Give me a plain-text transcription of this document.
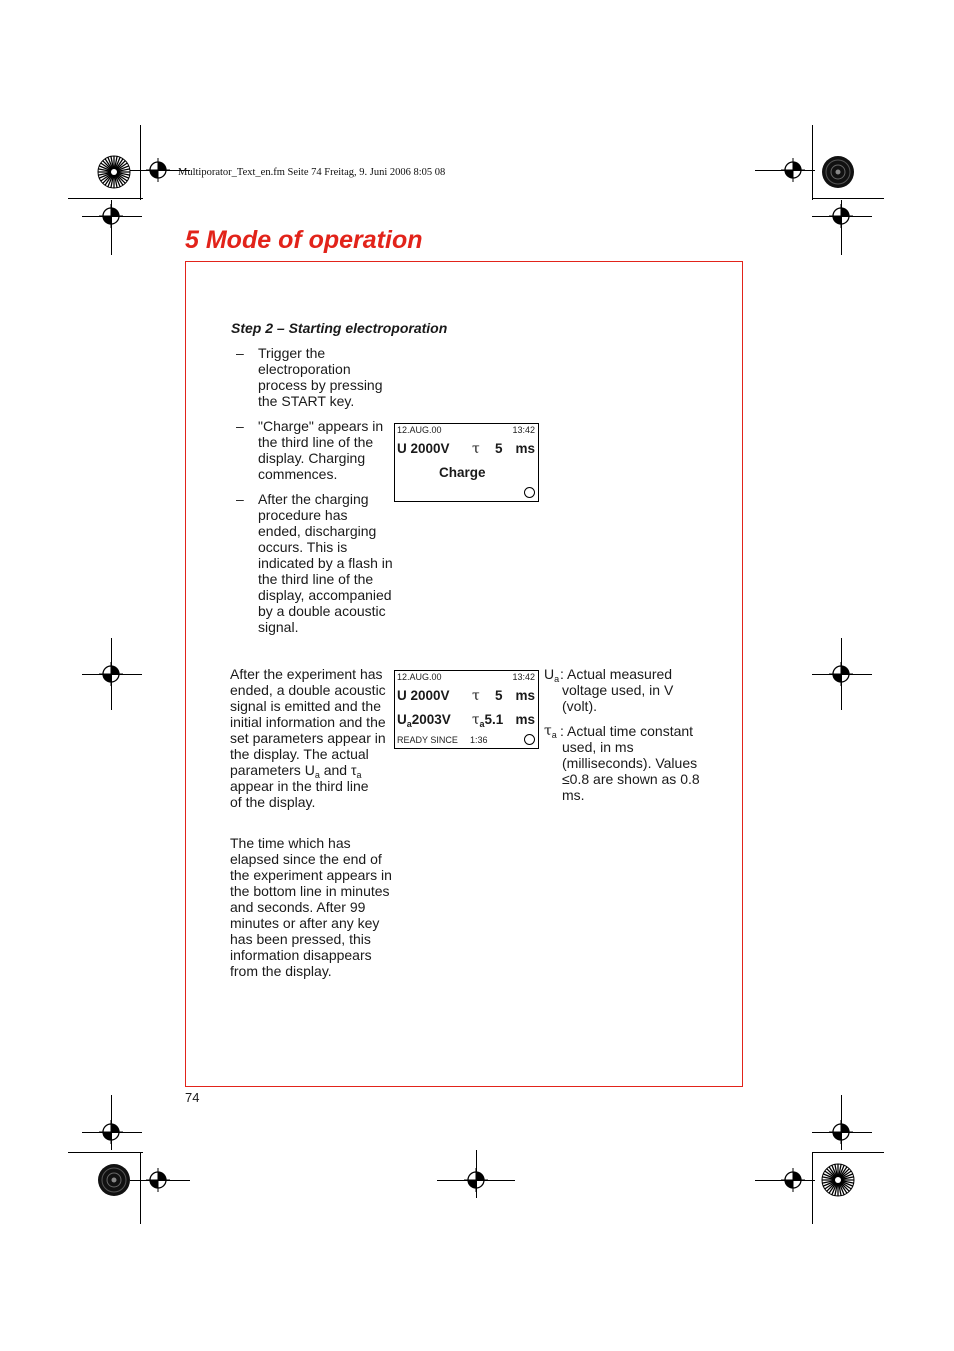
Multiporator_Text_en.fm Seite 74 Freitag, 9. Juni 2006 8:05 08
5 Mode of operation
Step 2 – Starting electroporation
– Trigger the electroporation process by pressing the START key.
– "Charge" appears in the third line of the display. Charging commences.
– After the charging procedure has ended, discharging occurs. This is indicated by a flash in the third line of the display, accompanied by a double acoustic signal.
12.AUG.00	13:42
U 2000V τ 5 ms
Charge
After the experiment has ended, a double acoustic signal is emitted and the initial information and the set parameters appear in the display. The actual parameters $U_a$ and $\tau_a$ appear in the third line
of the display.
The time which has elapsed since the end of the experiment appears in the bottom line in minutes and seconds. After 99 minutes or after any key has been pressed, this information disappears from the display.
12.AUG.00	13:42
U 2000V τ 5 ms
$U_a2003V$ $\tau_a5.1$ ms
READY SINCE 1:36
$U_a$ : Actual measured voltage used, in V (volt).
$\tau_a$ : Actual time constant used, in ms (milliseconds). Values ≤0.8 are shown as 0.8 ms.
74
